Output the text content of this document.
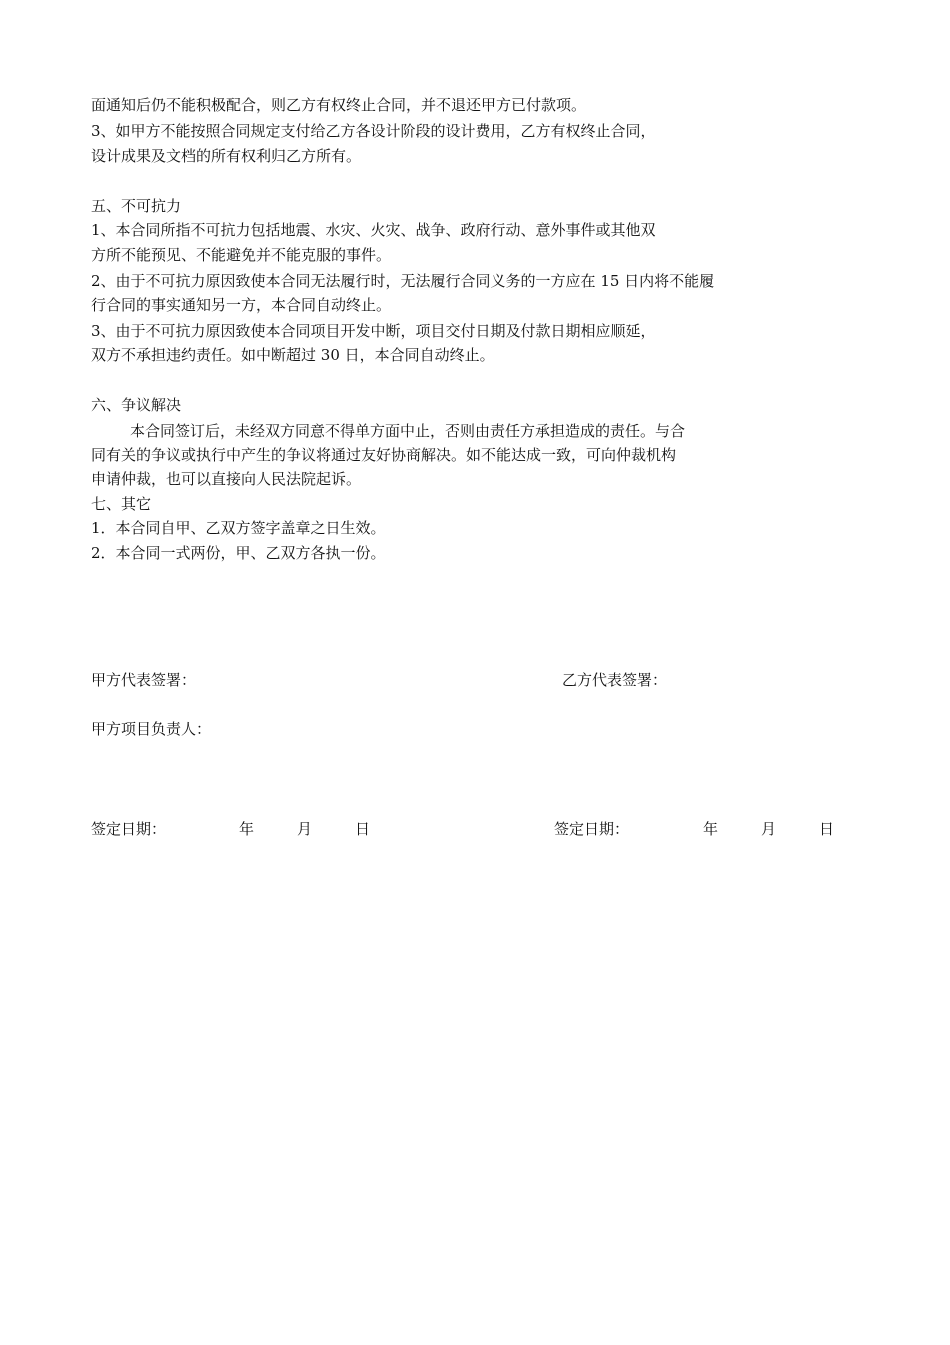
面通知后仍不能积极配合，则乙方有权终止合同，并不退还甲方已付款项。
3、如甲方不能按照合同规定支付给乙方各设计阶段的设计费用，乙方有权终止合同，
设计成果及文档的所有权利归乙方所有。
五、不可抗力
1、本合同所指不可抗力包括地震、水灾、火灾、战争、政府行动、意外事件或其他双
方所不能预见、不能避免并不能克服的事件。
2、由于不可抗力原因致使本合同无法履行时，无法履行合同义务的一方应在 15 日内将不能履
行合同的事实通知另一方，本合同自动终止。
3、由于不可抗力原因致使本合同项目开发中断，项目交付日期及付款日期相应顺延，
双方不承担违约责任。如中断超过 30 日，本合同自动终止。
六、争议解决
本合同签订后，未经双方同意不得单方面中止，否则由责任方承担造成的责任。与合
同有关的争议或执行中产生的争议将通过友好协商解决。如不能达成一致，可向仲裁机构
申请仲裁，也可以直接向人民法院起诉。
七、其它
1．本合同自甲、乙双方签字盖章之日生效。
2．本合同一式两份，甲、乙双方各执一份。
甲方代表签署：	乙方代表签署：
甲方项目负责人：
签定日期：	年	月	日	签定日期：	年	月	日
